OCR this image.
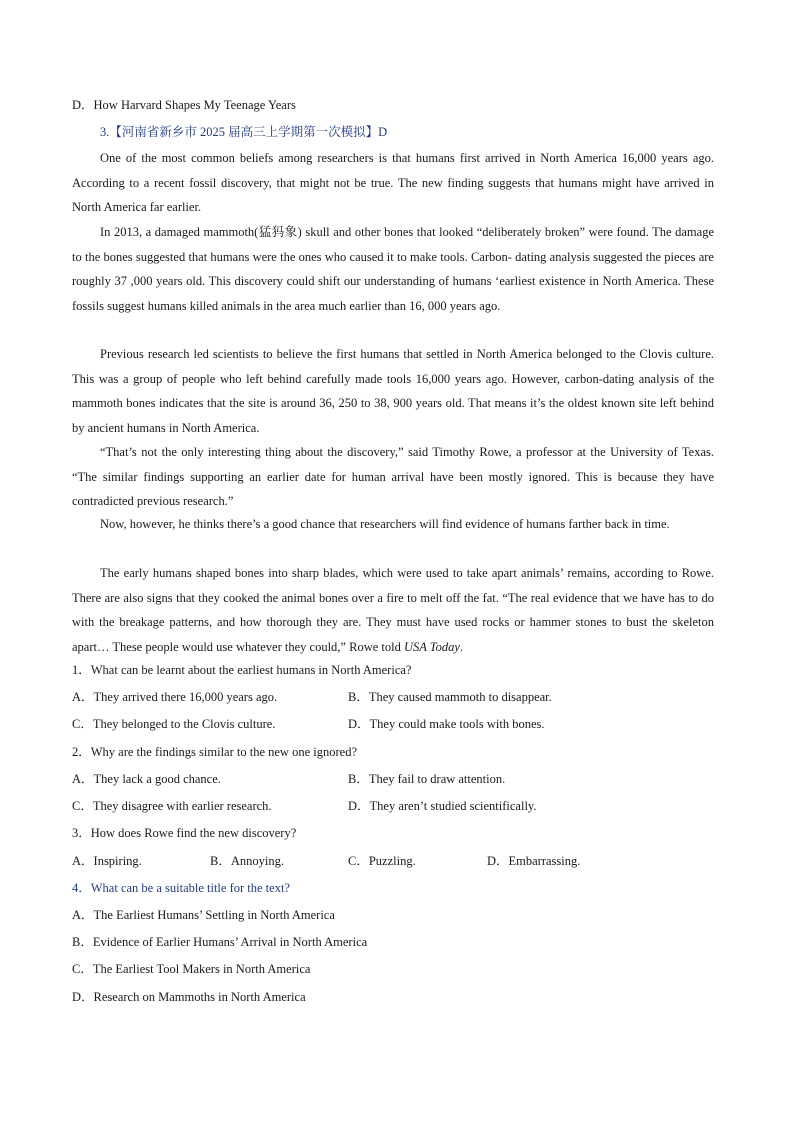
D．How Harvard Shapes My Teenage Years
3.【河南省新乡市 2025 届高三上学期第一次模拟】D

One of the most common beliefs among researchers is that humans first arrived in North America 16,000 years ago. According to a recent fossil discovery, that might not be true. The new finding suggests that humans might have arrived in North America far earlier.

In 2013, a damaged mammoth(猛犸象) skull and other bones that looked “deliberately broken” were found. The damage to the bones suggested that humans were the ones who caused it to make tools. Carbon- dating analysis suggested the pieces are roughly 37 ,000 years old. This discovery could shift our understanding of humans ‘earliest existence in North America. These fossils suggest humans killed animals in the area much earlier than 16, 000 years ago.

Previous research led scientists to believe the first humans that settled in North America belonged to the Clovis culture. This was a group of people who left behind carefully made tools 16,000 years ago. However, carbon-dating analysis of the mammoth bones indicates that the site is around 36, 250 to 38, 900 years old. That means it’s the oldest known site left behind by ancient humans in North America.

“That’s not the only interesting thing about the discovery,” said Timothy Rowe, a professor at the University of Texas. “The similar findings supporting an earlier date for human arrival have been mostly ignored. This is because they have contradicted previous research.”

Now, however, he thinks there’s a good chance that researchers will find evidence of humans farther back in time.

The early humans shaped bones into sharp blades, which were used to take apart animals’ remains, according to Rowe. There are also signs that they cooked the animal bones over a fire to melt off the fat. “The real evidence that we have has to do with the breakage patterns, and how thorough they are. They must have used rocks or hammer stones to bust the skeleton apart… These people would use whatever they could,” Rowe told USA Today.

1．What can be learnt about the earliest humans in North America?
A．They arrived there 16,000 years ago.	B．They caused mammoth to disappear.
C．They belonged to the Clovis culture.	D．They could make tools with bones.
2．Why are the findings similar to the new one ignored?
A．They lack a good chance.	B．They fail to draw attention.
C．They disagree with earlier research.	D．They aren’t studied scientifically.
3．How does Rowe find the new discovery?
A．Inspiring.	B．Annoying.	C．Puzzling.	D．Embarrassing.
4．What can be a suitable title for the text?
A．The Earliest Humans’ Settling in North America
B．Evidence of Earlier Humans’ Arrival in North America
C．The Earliest Tool Makers in North America
D．Research on Mammoths in North America
